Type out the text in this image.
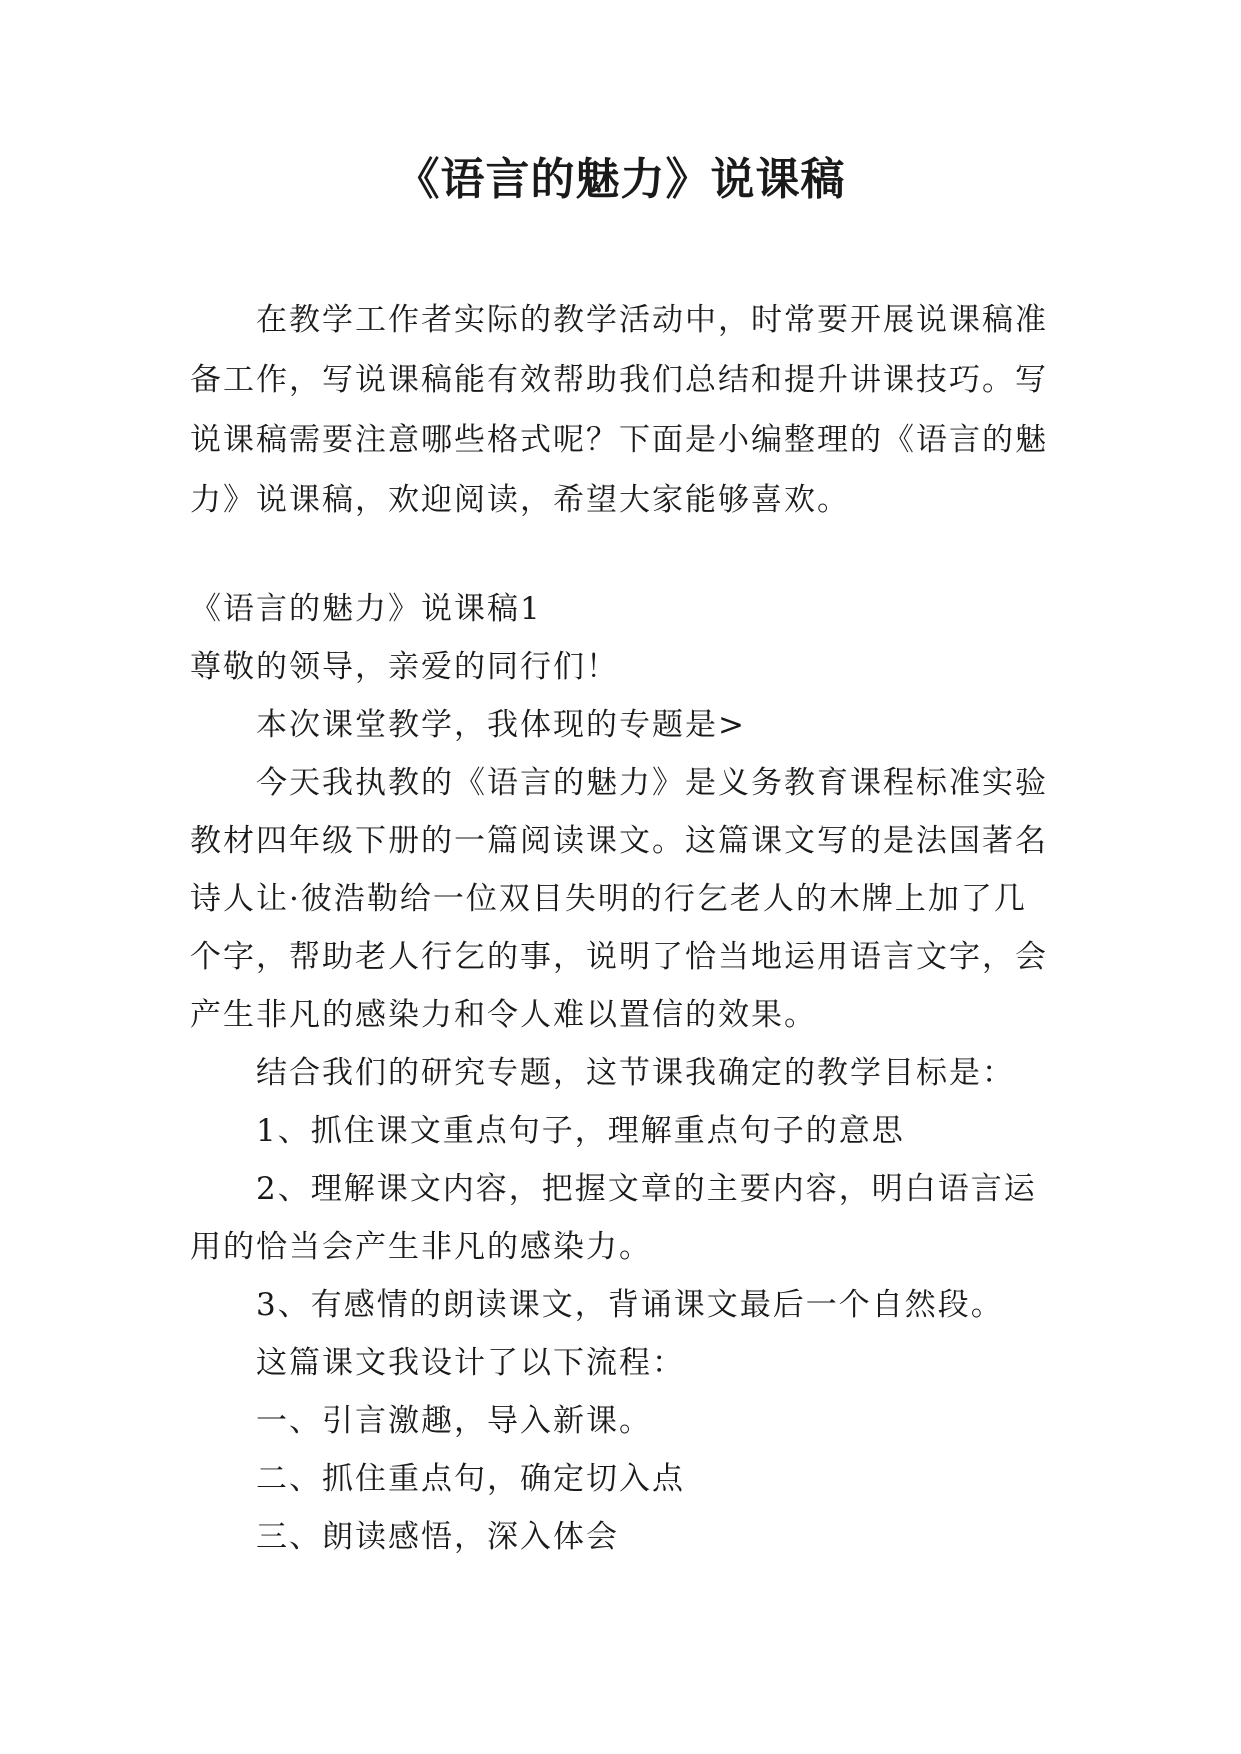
《语言的魅力》说课稿

在教学工作者实际的教学活动中，时常要开展说课稿准备工作，写说课稿能有效帮助我们总结和提升讲课技巧。写说课稿需要注意哪些格式呢？下面是小编整理的《语言的魅力》说课稿，欢迎阅读，希望大家能够喜欢。

《语言的魅力》说课稿1

尊敬的领导，亲爱的同行们！

本次课堂教学，我体现的专题是>

今天我执教的《语言的魅力》是义务教育课程标准实验教材四年级下册的一篇阅读课文。这篇课文写的是法国著名诗人让·彼浩勒给一位双目失明的行乞老人的木牌上加了几个字，帮助老人行乞的事，说明了恰当地运用语言文字，会产生非凡的感染力和令人难以置信的效果。

结合我们的研究专题，这节课我确定的教学目标是：

1、抓住课文重点句子，理解重点句子的意思

2、理解课文内容，把握文章的主要内容，明白语言运用的恰当会产生非凡的感染力。

3、有感情的朗读课文，背诵课文最后一个自然段。

这篇课文我设计了以下流程：

一、引言激趣，导入新课。

二、抓住重点句，确定切入点

三、朗读感悟，深入体会
